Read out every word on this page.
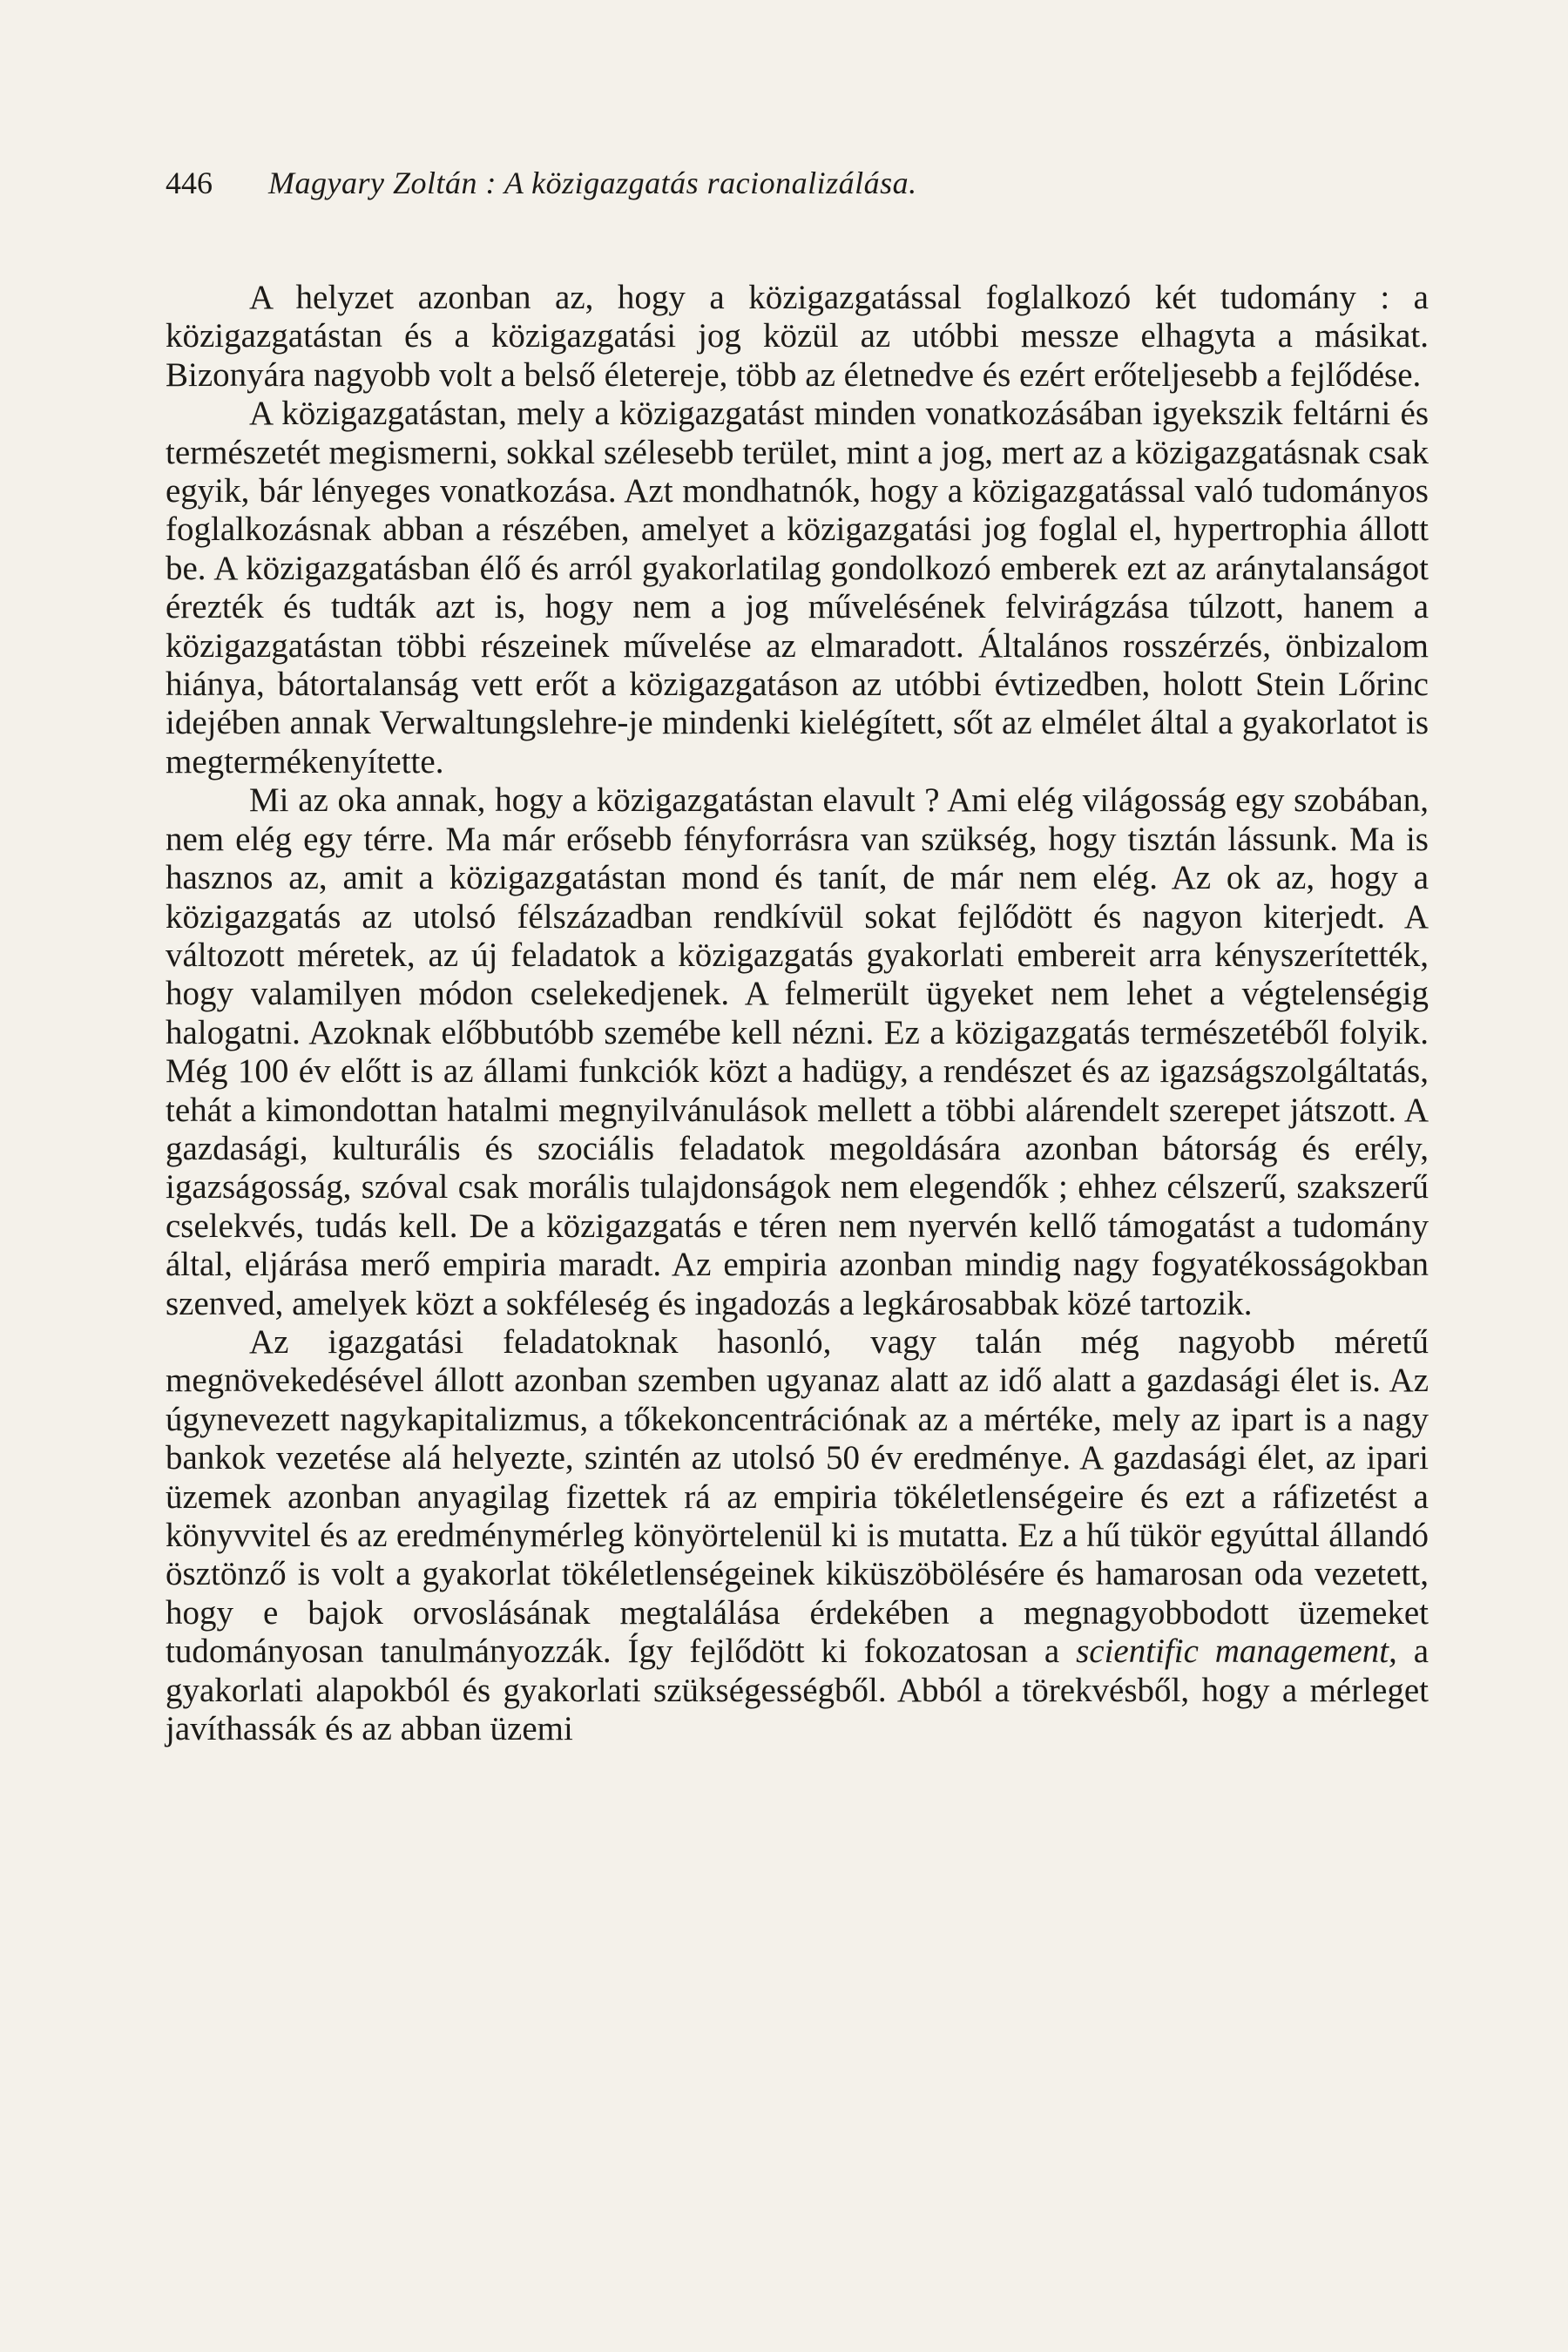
446 Magyary Zoltán : A közigazgatás racionalizálása.

A helyzet azonban az, hogy a közigazgatással foglalkozó két tudomány : a közigazgatástan és a közigazgatási jog közül az utóbbi messze elhagyta a másikat. Bizonyára nagyobb volt a belső életereje, több az életnedve és ezért erőteljesebb a fejlődése.

A közigazgatástan, mely a közigazgatást minden vonatkozásában igyekszik feltárni és természetét megismerni, sokkal szélesebb terület, mint a jog, mert az a közigazgatásnak csak egyik, bár lényeges vonatkozása. Azt mondhatnók, hogy a közigazgatással való tudományos foglalkozásnak abban a részében, amelyet a közigazgatási jog foglal el, hypertrophia állott be. A közigazgatásban élő és arról gyakorlatilag gondolkozó emberek ezt az aránytalanságot érezték és tudták azt is, hogy nem a jog művelésének felvirágzása túlzott, hanem a közigazgatástan többi részeinek művelése az elmaradott. Általános rosszérzés, önbizalom hiánya, bátortalanság vett erőt a közigazgatáson az utóbbi évtizedben, holott Stein Lőrinc idejében annak Verwaltungslehre-je mindenki kielégített, sőt az elmélet által a gyakorlatot is megtermékenyítette.

Mi az oka annak, hogy a közigazgatástan elavult ? Ami elég világosság egy szobában, nem elég egy térre. Ma már erősebb fényforrásra van szükség, hogy tisztán lássunk. Ma is hasznos az, amit a közigazgatástan mond és tanít, de már nem elég. Az ok az, hogy a közigazgatás az utolsó félszázadban rendkívül sokat fejlődött és nagyon kiterjedt. A változott méretek, az új feladatok a közigazgatás gyakorlati embereit arra kényszerítették, hogy valamilyen módon cselekedjenek. A felmerült ügyeket nem lehet a végtelenségig halogatni. Azoknak előbbutóbb szemébe kell nézni. Ez a közigazgatás természetéből folyik. Még 100 év előtt is az állami funkciók közt a hadügy, a rendészet és az igazságszolgáltatás, tehát a kimondottan hatalmi megnyilvánulások mellett a többi alárendelt szerepet játszott. A gazdasági, kulturális és szociális feladatok megoldására azonban bátorság és erély, igazságosság, szóval csak morális tulajdonságok nem elegendők ; ehhez célszerű, szakszerű cselekvés, tudás kell. De a közigazgatás e téren nem nyervén kellő támogatást a tudomány által, eljárása merő empiria maradt. Az empiria azonban mindig nagy fogyatékosságokban szenved, amelyek közt a sokféleség és ingadozás a legkárosabbak közé tartozik.

Az igazgatási feladatoknak hasonló, vagy talán még nagyobb méretű megnövekedésével állott azonban szemben ugyanaz alatt az idő alatt a gazdasági élet is. Az úgynevezett nagykapitalizmus, a tőkekoncentrációnak az a mértéke, mely az ipart is a nagy bankok vezetése alá helyezte, szintén az utolsó 50 év eredménye. A gazdasági élet, az ipari üzemek azonban anyagilag fizettek rá az empiria tökéletlenségeire és ezt a ráfizetést a könyvvitel és az eredménymérleg könyörtelenül ki is mutatta. Ez a hű tükör egyúttal állandó ösztönző is volt a gyakorlat tökéletlenségeinek kiküszöbölésére és hamarosan oda vezetett, hogy e bajok orvoslásának megtalálása érdekében a megnagyobbodott üzemeket tudományosan tanulmányozzák. Így fejlődött ki fokozatosan a scientific management, a gyakorlati alapokból és gyakorlati szükségességből. Abból a törekvésből, hogy a mérleget javíthassák és az abban üzemi
